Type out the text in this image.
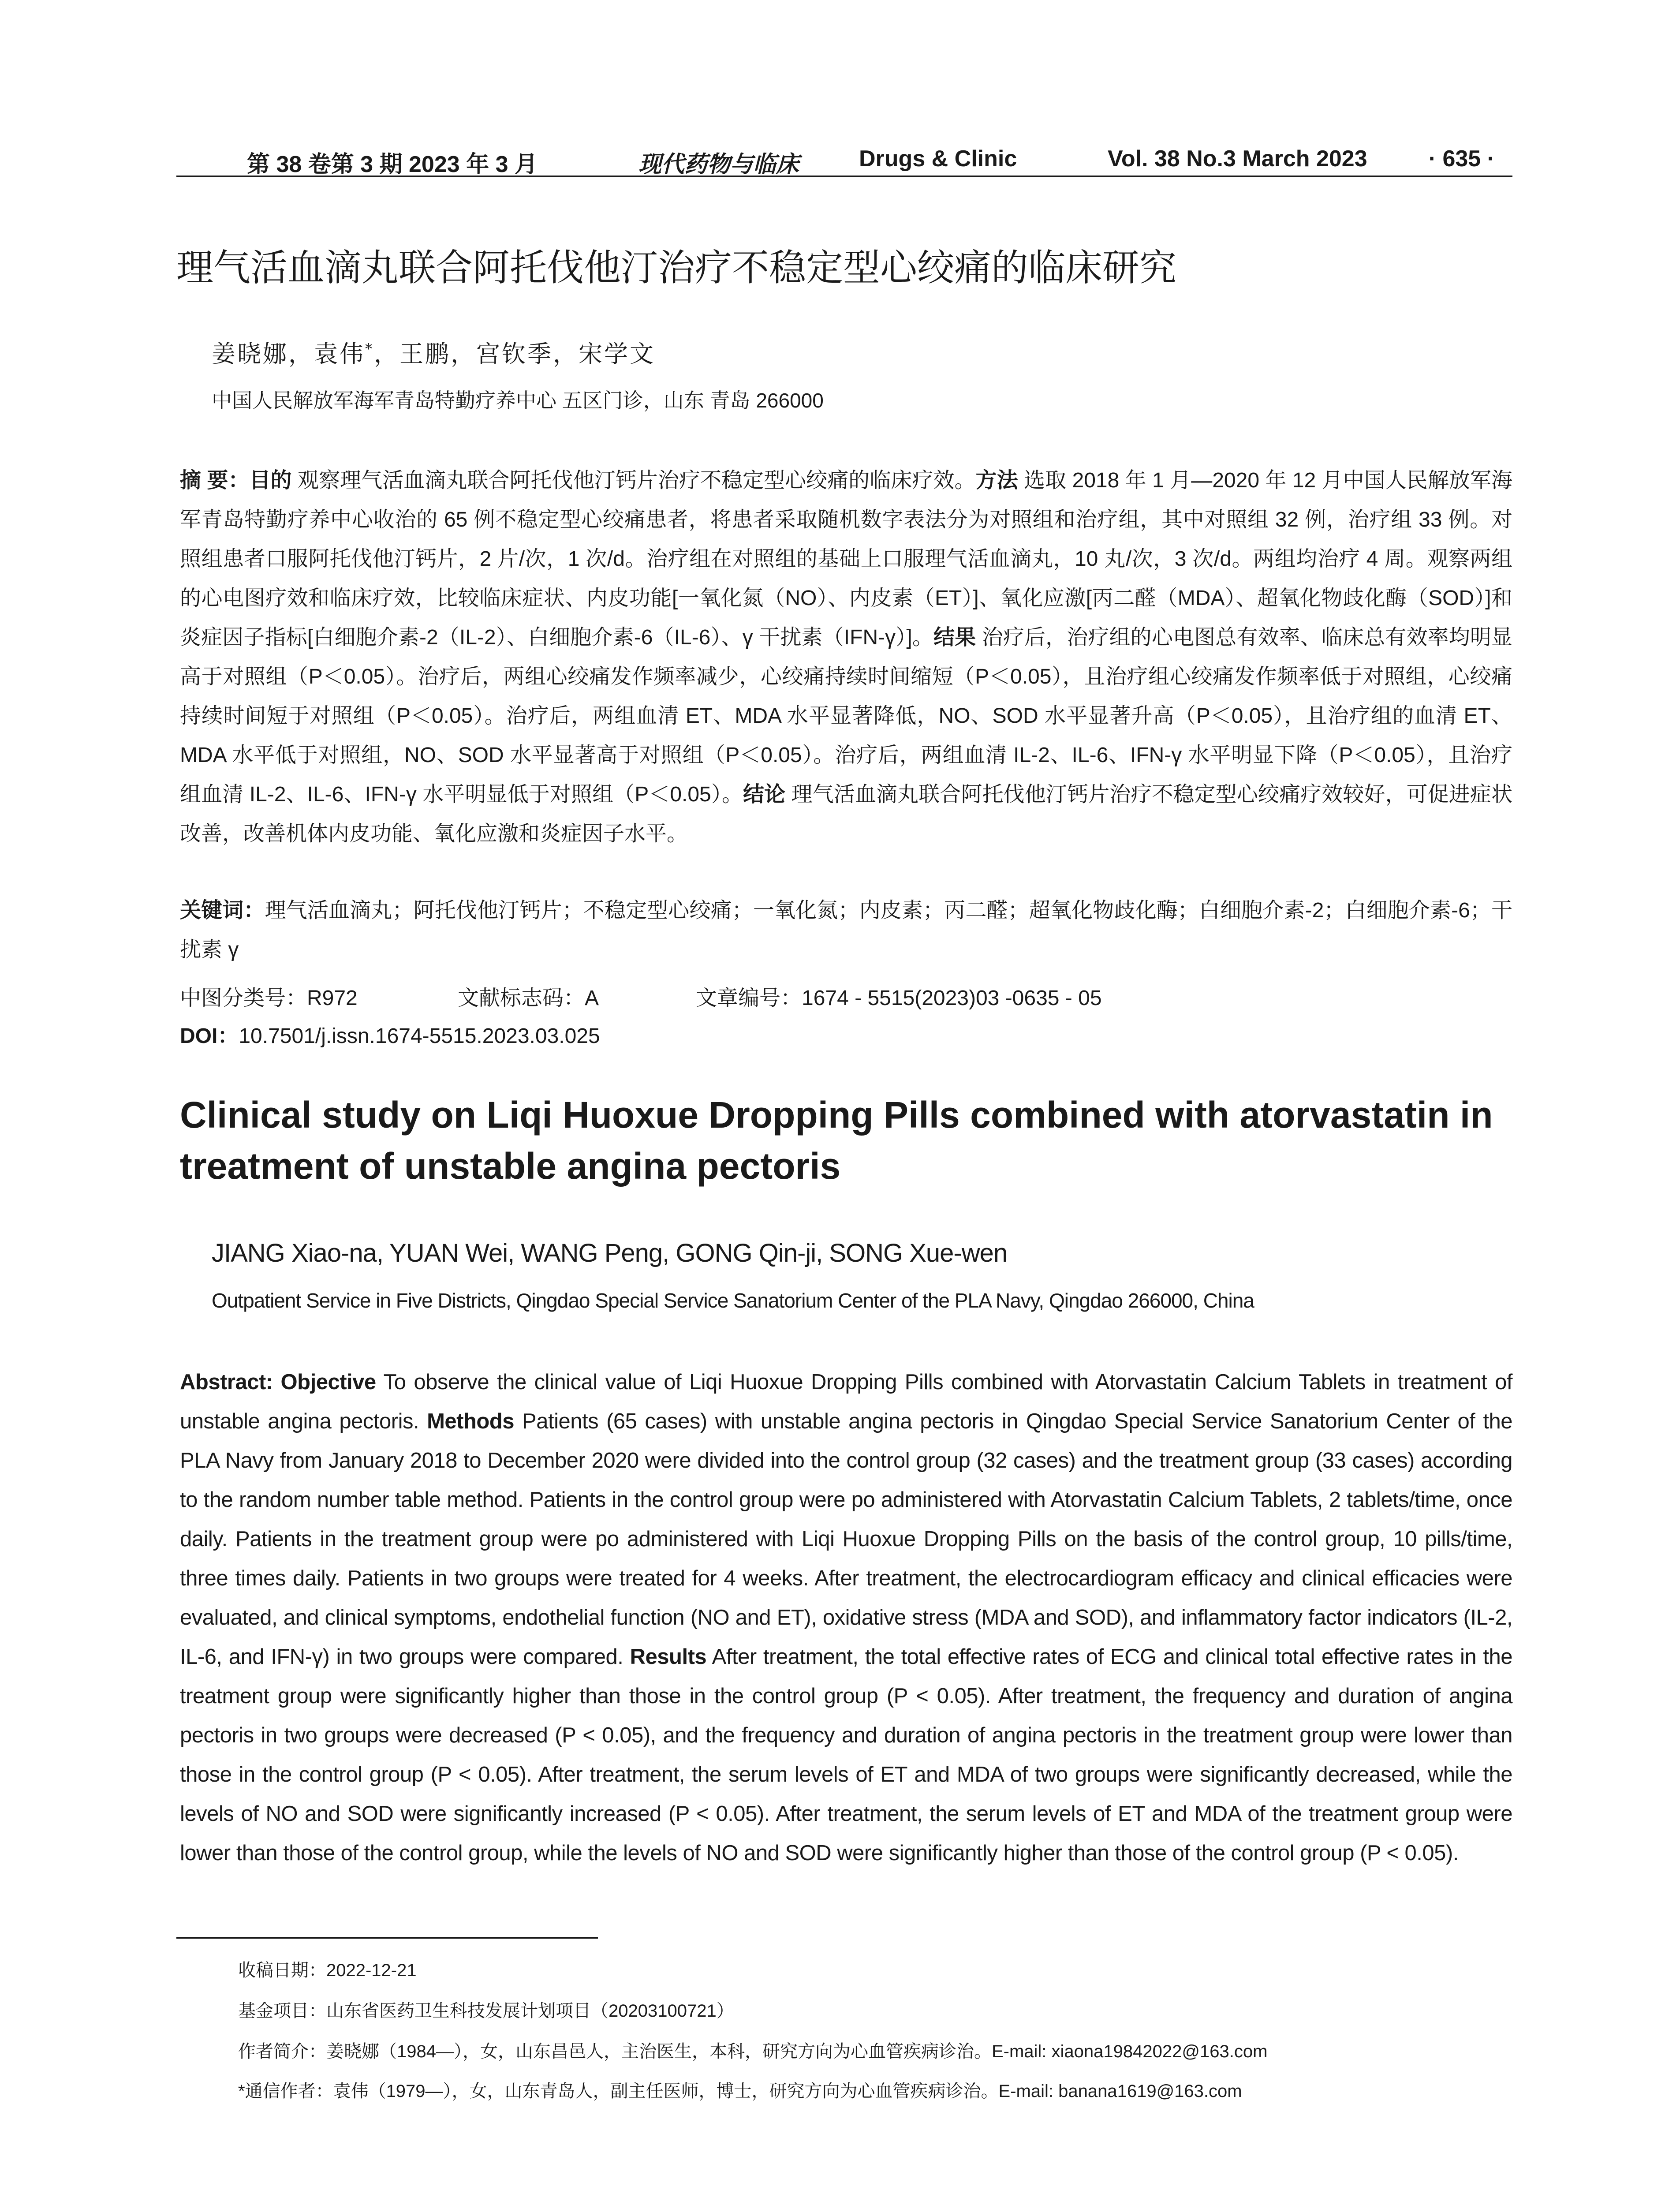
第 38 卷第 3 期 2023 年 3 月	现代药物与临床	Drugs & Clinic	Vol. 38 No.3 March 2023	· 635 ·
理气活血滴丸联合阿托伐他汀治疗不稳定型心绞痛的临床研究
姜晓娜，袁伟*，王鹏，宫钦季，宋学文
中国人民解放军海军青岛特勤疗养中心 五区门诊，山东 青岛 266000
摘 要：目的 观察理气活血滴丸联合阿托伐他汀钙片治疗不稳定型心绞痛的临床疗效。方法 选取 2018 年 1 月—2020 年 12 月中国人民解放军海军青岛特勤疗养中心收治的 65 例不稳定型心绞痛患者，将患者采取随机数字表法分为对照组和治疗组，其中对照组 32 例，治疗组 33 例。对照组患者口服阿托伐他汀钙片，2 片/次，1 次/d。治疗组在对照组的基础上口服理气活血滴丸，10 丸/次，3 次/d。两组均治疗 4 周。观察两组的心电图疗效和临床疗效，比较临床症状、内皮功能[一氧化氮（NO）、内皮素（ET）]、氧化应激[丙二醛（MDA）、超氧化物歧化酶（SOD）]和炎症因子指标[白细胞介素-2（IL-2）、白细胞介素-6（IL-6）、γ 干扰素（IFN-γ）]。结果 治疗后，治疗组的心电图总有效率、临床总有效率均明显高于对照组（P＜0.05）。治疗后，两组心绞痛发作频率减少，心绞痛持续时间缩短（P＜0.05），且治疗组心绞痛发作频率低于对照组，心绞痛持续时间短于对照组（P＜0.05）。治疗后，两组血清 ET、MDA 水平显著降低，NO、SOD 水平显著升高（P＜0.05），且治疗组的血清 ET、MDA 水平低于对照组，NO、SOD 水平显著高于对照组（P＜0.05）。治疗后，两组血清 IL-2、IL-6、IFN-γ 水平明显下降（P＜0.05），且治疗组血清 IL-2、IL-6、IFN-γ 水平明显低于对照组（P＜0.05）。结论 理气活血滴丸联合阿托伐他汀钙片治疗不稳定型心绞痛疗效较好，可促进症状改善，改善机体内皮功能、氧化应激和炎症因子水平。
关键词：理气活血滴丸；阿托伐他汀钙片；不稳定型心绞痛；一氧化氮；内皮素；丙二醛；超氧化物歧化酶；白细胞介素-2；白细胞介素-6；干扰素 γ
中图分类号：R972	文献标志码：A	文章编号：1674 - 5515(2023)03 -0635 - 05
DOI：10.7501/j.issn.1674-5515.2023.03.025
Clinical study on Liqi Huoxue Dropping Pills combined with atorvastatin in treatment of unstable angina pectoris
JIANG Xiao-na, YUAN Wei, WANG Peng, GONG Qin-ji, SONG Xue-wen
Outpatient Service in Five Districts, Qingdao Special Service Sanatorium Center of the PLA Navy, Qingdao 266000, China
Abstract: Objective To observe the clinical value of Liqi Huoxue Dropping Pills combined with Atorvastatin Calcium Tablets in treatment of unstable angina pectoris. Methods Patients (65 cases) with unstable angina pectoris in Qingdao Special Service Sanatorium Center of the PLA Navy from January 2018 to December 2020 were divided into the control group (32 cases) and the treatment group (33 cases) according to the random number table method. Patients in the control group were po administered with Atorvastatin Calcium Tablets, 2 tablets/time, once daily. Patients in the treatment group were po administered with Liqi Huoxue Dropping Pills on the basis of the control group, 10 pills/time, three times daily. Patients in two groups were treated for 4 weeks. After treatment, the electrocardiogram efficacy and clinical efficacies were evaluated, and clinical symptoms, endothelial function (NO and ET), oxidative stress (MDA and SOD), and inflammatory factor indicators (IL-2, IL-6, and IFN-γ) in two groups were compared. Results After treatment, the total effective rates of ECG and clinical total effective rates in the treatment group were significantly higher than those in the control group (P < 0.05). After treatment, the frequency and duration of angina pectoris in two groups were decreased (P < 0.05), and the frequency and duration of angina pectoris in the treatment group were lower than those in the control group (P < 0.05). After treatment, the serum levels of ET and MDA of two groups were significantly decreased, while the levels of NO and SOD were significantly increased (P < 0.05). After treatment, the serum levels of ET and MDA of the treatment group were lower than those of the control group, while the levels of NO and SOD were significantly higher than those of the control group (P < 0.05).
收稿日期：2022-12-21
基金项目：山东省医药卫生科技发展计划项目（20203100721）
作者简介：姜晓娜（1984—），女，山东昌邑人，主治医生，本科，研究方向为心血管疾病诊治。E-mail: xiaona19842022@163.com
*通信作者：袁伟（1979—），女，山东青岛人，副主任医师，博士，研究方向为心血管疾病诊治。E-mail: banana1619@163.com
